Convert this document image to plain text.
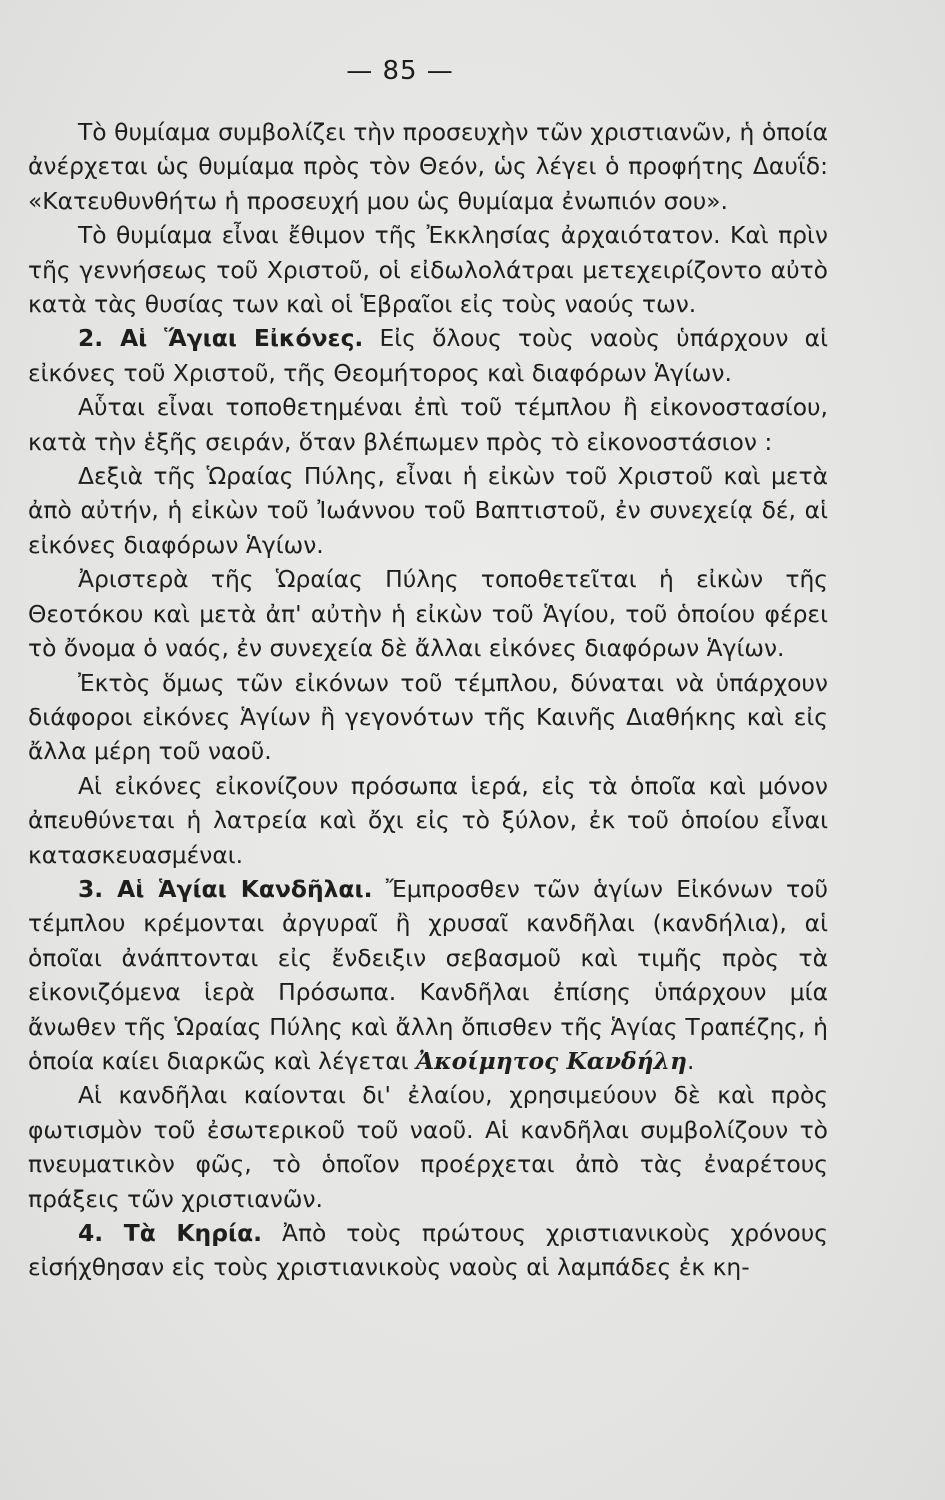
— 85 —

Τὸ θυμίαμα συμβολίζει τὴν προσευχὴν τῶν χριστιανῶν, ἡ ὁποία ἀνέρχεται ὡς θυμίαμα πρὸς τὸν Θεόν, ὡς λέγει ὁ προφήτης Δαυΐδ: «Κατευθυνθήτω ἡ προσευχή μου ὡς θυμίαμα ἐνωπιόν σου».

Τὸ θυμίαμα εἶναι ἔθιμον τῆς Ἐκκλησίας ἀρχαιότατον. Καὶ πρὶν τῆς γεννήσεως τοῦ Χριστοῦ, οἱ εἰδωλολάτραι μετεχειρίζοντο αὐτὸ κατὰ τὰς θυσίας των καὶ οἱ Ἑβραῖοι εἰς τοὺς ναούς των.

2. Αἱ Ἅγιαι Εἰκόνες. Εἰς ὅλους τοὺς ναοὺς ὑπάρχουν αἱ εἰκόνες τοῦ Χριστοῦ, τῆς Θεομήτορος καὶ διαφόρων Ἁγίων.

Αὗται εἶναι τοποθετημέναι ἐπὶ τοῦ τέμπλου ἢ εἰκονοστασίου, κατὰ τὴν ἑξῆς σειράν, ὅταν βλέπωμεν πρὸς τὸ εἰκονοστάσιον :

Δεξιὰ τῆς Ὡραίας Πύλης, εἶναι ἡ εἰκὼν τοῦ Χριστοῦ καὶ μετὰ ἀπὸ αὐτήν, ἡ εἰκὼν τοῦ Ἰωάννου τοῦ Βαπτιστοῦ, ἐν συνεχείᾳ δέ, αἱ εἰκόνες διαφόρων Ἁγίων.

Ἀριστερὰ τῆς Ὡραίας Πύλης τοποθετεῖται ἡ εἰκὼν τῆς Θεοτόκου καὶ μετὰ ἀπ' αὐτὴν ἡ εἰκὼν τοῦ Ἁγίου, τοῦ ὁποίου φέρει τὸ ὄνομα ὁ ναός, ἐν συνεχεία δὲ ἄλλαι εἰκόνες διαφόρων Ἁγίων.

Ἐκτὸς ὅμως τῶν εἰκόνων τοῦ τέμπλου, δύναται νὰ ὑπάρχουν διάφοροι εἰκόνες Ἁγίων ἢ γεγονότων τῆς Καινῆς Διαθήκης καὶ εἰς ἄλλα μέρη τοῦ ναοῦ.

Αἱ εἰκόνες εἰκονίζουν πρόσωπα ἱερά, εἰς τὰ ὁποῖα καὶ μόνον ἀπευθύνεται ἡ λατρεία καὶ ὄχι εἰς τὸ ξύλον, ἐκ τοῦ ὁποίου εἶναι κατασκευασμέναι.

3. Αἱ Ἁγίαι Κανδῆλαι. Ἔμπροσθεν τῶν ἁγίων Εἰκόνων τοῦ τέμπλου κρέμονται ἀργυραῖ ἢ χρυσαῖ κανδῆλαι (κανδήλια), αἱ ὁποῖαι ἀνάπτονται εἰς ἔνδειξιν σεβασμοῦ καὶ τιμῆς πρὸς τὰ εἰκονιζόμενα ἱερὰ Πρόσωπα. Κανδῆλαι ἐπίσης ὑπάρχουν μία ἄνωθεν τῆς Ὡραίας Πύλης καὶ ἄλλη ὄπισθεν τῆς Ἁγίας Τραπέζης, ἡ ὁποία καίει διαρκῶς καὶ λέγεται Ἀκοίμητος Κανδήλη.

Αἱ κανδῆλαι καίονται δι' ἐλαίου, χρησιμεύουν δὲ καὶ πρὸς φωτισμὸν τοῦ ἐσωτερικοῦ τοῦ ναοῦ. Αἱ κανδῆλαι συμβολίζουν τὸ πνευματικὸν φῶς, τὸ ὁποῖον προέρχεται ἀπὸ τὰς ἐναρέτους πράξεις τῶν χριστιανῶν.

4. Τὰ Κηρία. Ἀπὸ τοὺς πρώτους χριστιανικοὺς χρόνους εἰσήχθησαν εἰς τοὺς χριστιανικοὺς ναοὺς αἱ λαμπάδες ἐκ κη-
